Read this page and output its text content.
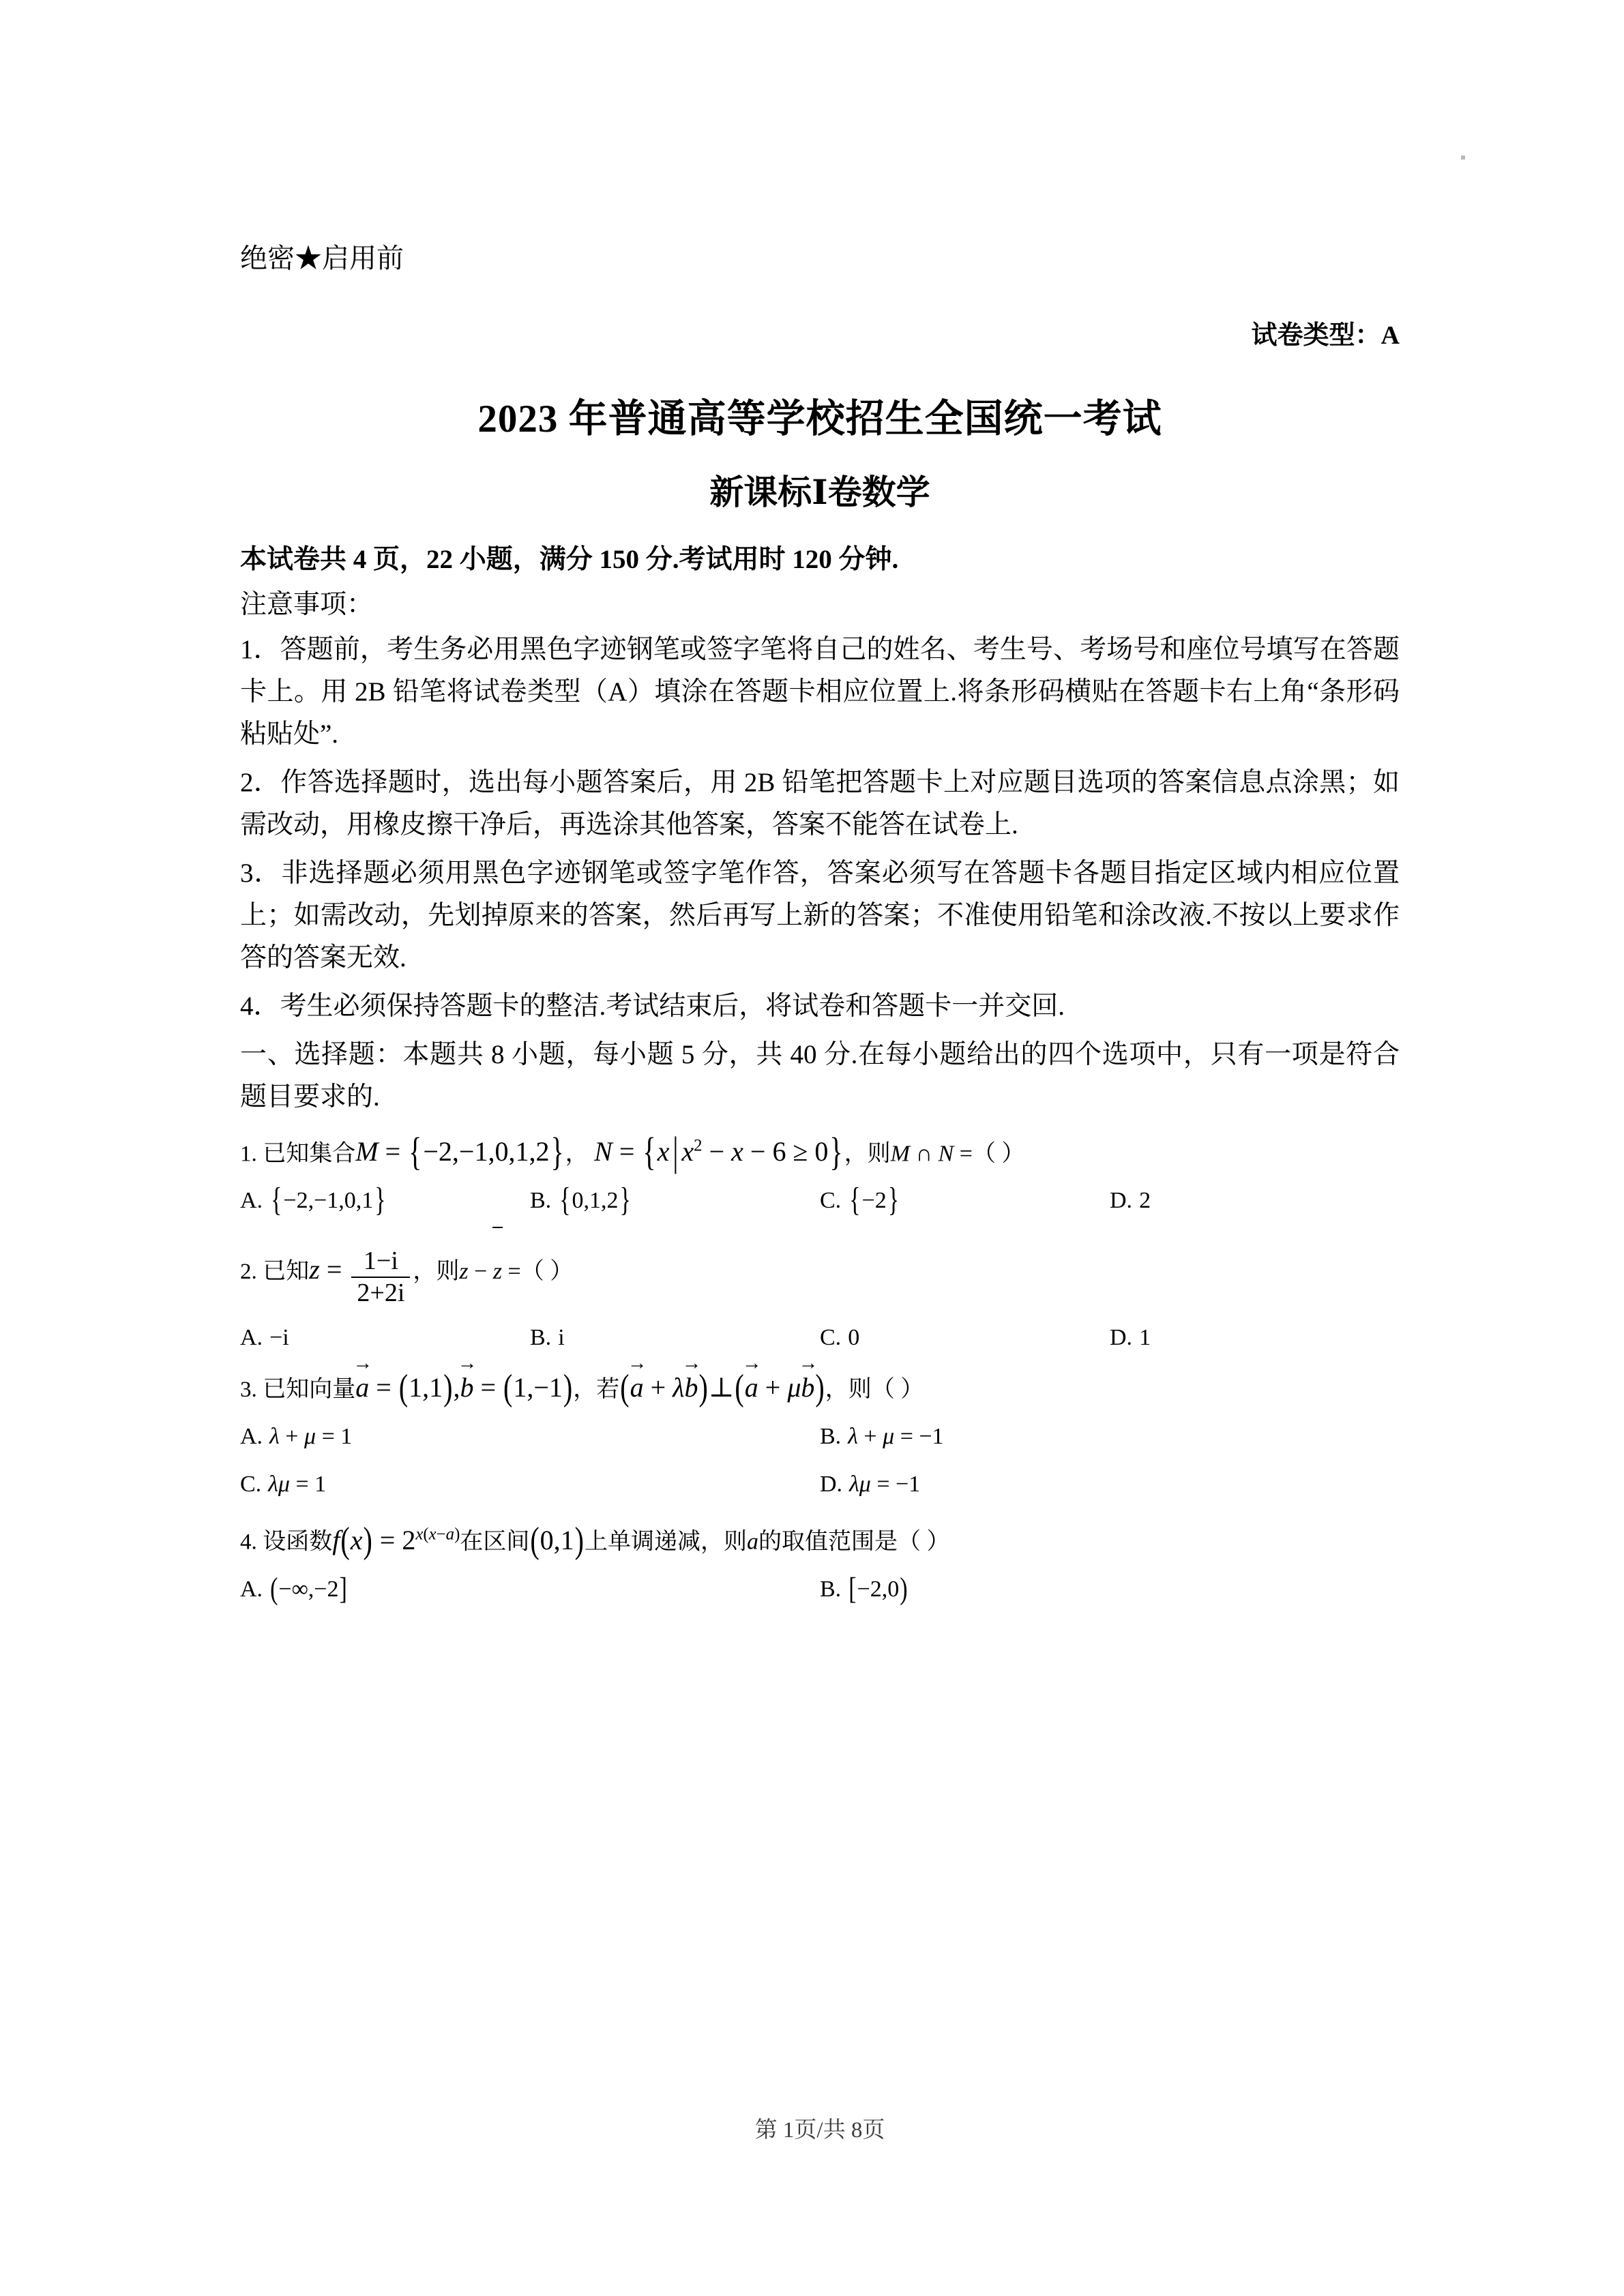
绝密★启用前
试卷类型：A
2023 年普通高等学校招生全国统一考试
新课标Ⅰ卷数学

本试卷共 4 页，22 小题，满分 150 分.考试用时 120 分钟.

注意事项：

1．答题前，考生务必用黑色字迹钢笔或签字笔将自己的姓名、考生号、考场号和座位号填写在答题卡上。用 2B 铅笔将试卷类型（A）填涂在答题卡相应位置上.将条形码横贴在答题卡右上角“条形码粘贴处”.

2．作答选择题时，选出每小题答案后，用 2B 铅笔把答题卡上对应题目选项的答案信息点涂黑；如需改动，用橡皮擦干净后，再选涂其他答案，答案不能答在试卷上.

3．非选择题必须用黑色字迹钢笔或签字笔作答，答案必须写在答题卡各题目指定区域内相应位置上；如需改动，先划掉原来的答案，然后再写上新的答案；不准使用铅笔和涂改液.不按以上要求作答的答案无效.

4．考生必须保持答题卡的整洁.考试结束后，将试卷和答题卡一并交回.

一、选择题：本题共 8 小题，每小题 5 分，共 40 分.在每小题给出的四个选项中，只有一项是符合题目要求的.

1. 已知集合M = {−2,−1,0,1,2}， N = {x | $x^2 - x - 6 \ge 0$}，则M ∩ N =（ ）

A. {−2,−1,0,1}	B. {0,1,2}	C. {−2}	D. 2

2. 已知$z = \frac{1-i}{2+2i}$ ，则z − z =（ ）

A. −i	B. i	C. 0	D. 1

3. 已知向量a → = (1,1),b → = (1,−1)，若(a → + λb →)⊥(a → + μb →)，则（ ）

A. λ + μ = 1	B. λ + μ = −1
C. λμ = 1	D. λμ = −1

4. 设函数$f(x) = 2^{x(x-a)}$在区间(0,1)上单调递减，则a的取值范围是（ ）

A. (−∞,−2]	B. [−2,0)
第 1页/共 8页
